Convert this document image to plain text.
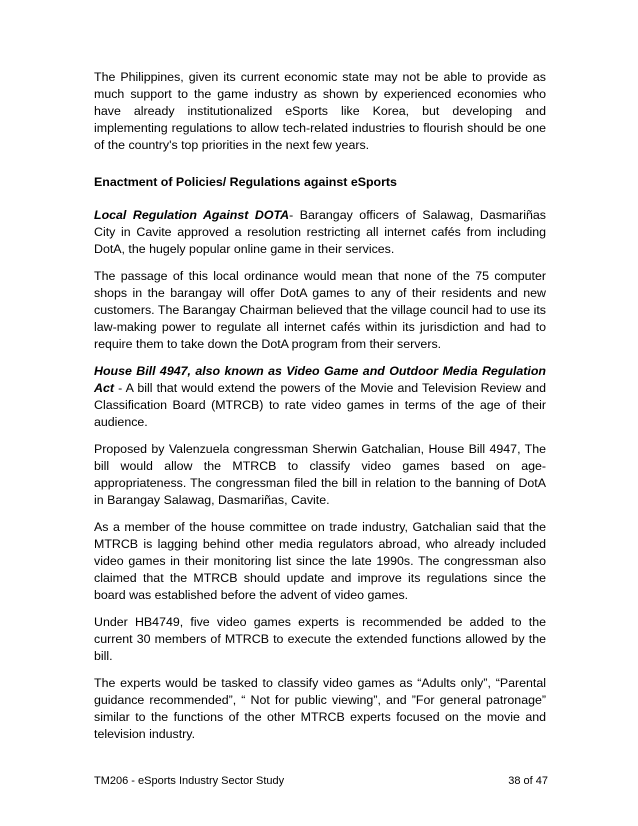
The Philippines, given its current economic state may not be able to provide as much support to the game industry as shown by experienced economies who have already institutionalized eSports like Korea, but developing and implementing regulations to allow tech-related industries to flourish should be one of the country's top priorities in the next few years.

Enactment of Policies/ Regulations against eSports

Local Regulation Against DOTA- Barangay officers of Salawag, Dasmariñas City in Cavite approved a resolution restricting all internet cafés from including DotA, the hugely popular online game in their services.

The passage of this local ordinance would mean that none of the 75 computer shops in the barangay will offer DotA games to any of their residents and new customers. The Barangay Chairman believed that the village council had to use its law-making power to regulate all internet cafés within its jurisdiction and had to require them to take down the DotA program from their servers.

House Bill 4947, also known as Video Game and Outdoor Media Regulation Act - A bill that would extend the powers of the Movie and Television Review and Classification Board (MTRCB) to rate video games in terms of the age of their audience.

Proposed by Valenzuela congressman Sherwin Gatchalian, House Bill 4947, The bill would allow the MTRCB to classify video games based on age-appropriateness. The congressman filed the bill in relation to the banning of DotA in Barangay Salawag, Dasmariñas, Cavite.

As a member of the house committee on trade industry, Gatchalian said that the MTRCB is lagging behind other media regulators abroad, who already included video games in their monitoring list since the late 1990s. The congressman also claimed that the MTRCB should update and improve its regulations since the board was established before the advent of video games.

Under HB4749, five video games experts is recommended be added to the current 30 members of MTRCB to execute the extended functions allowed by the bill.

The experts would be tasked to classify video games as “Adults only”, “Parental guidance recommended”, “ Not for public viewing”, and ”For general patronage” similar to the functions of the other MTRCB experts focused on the movie and television industry.

TM206 - eSports Industry Sector Study	38 of 47
